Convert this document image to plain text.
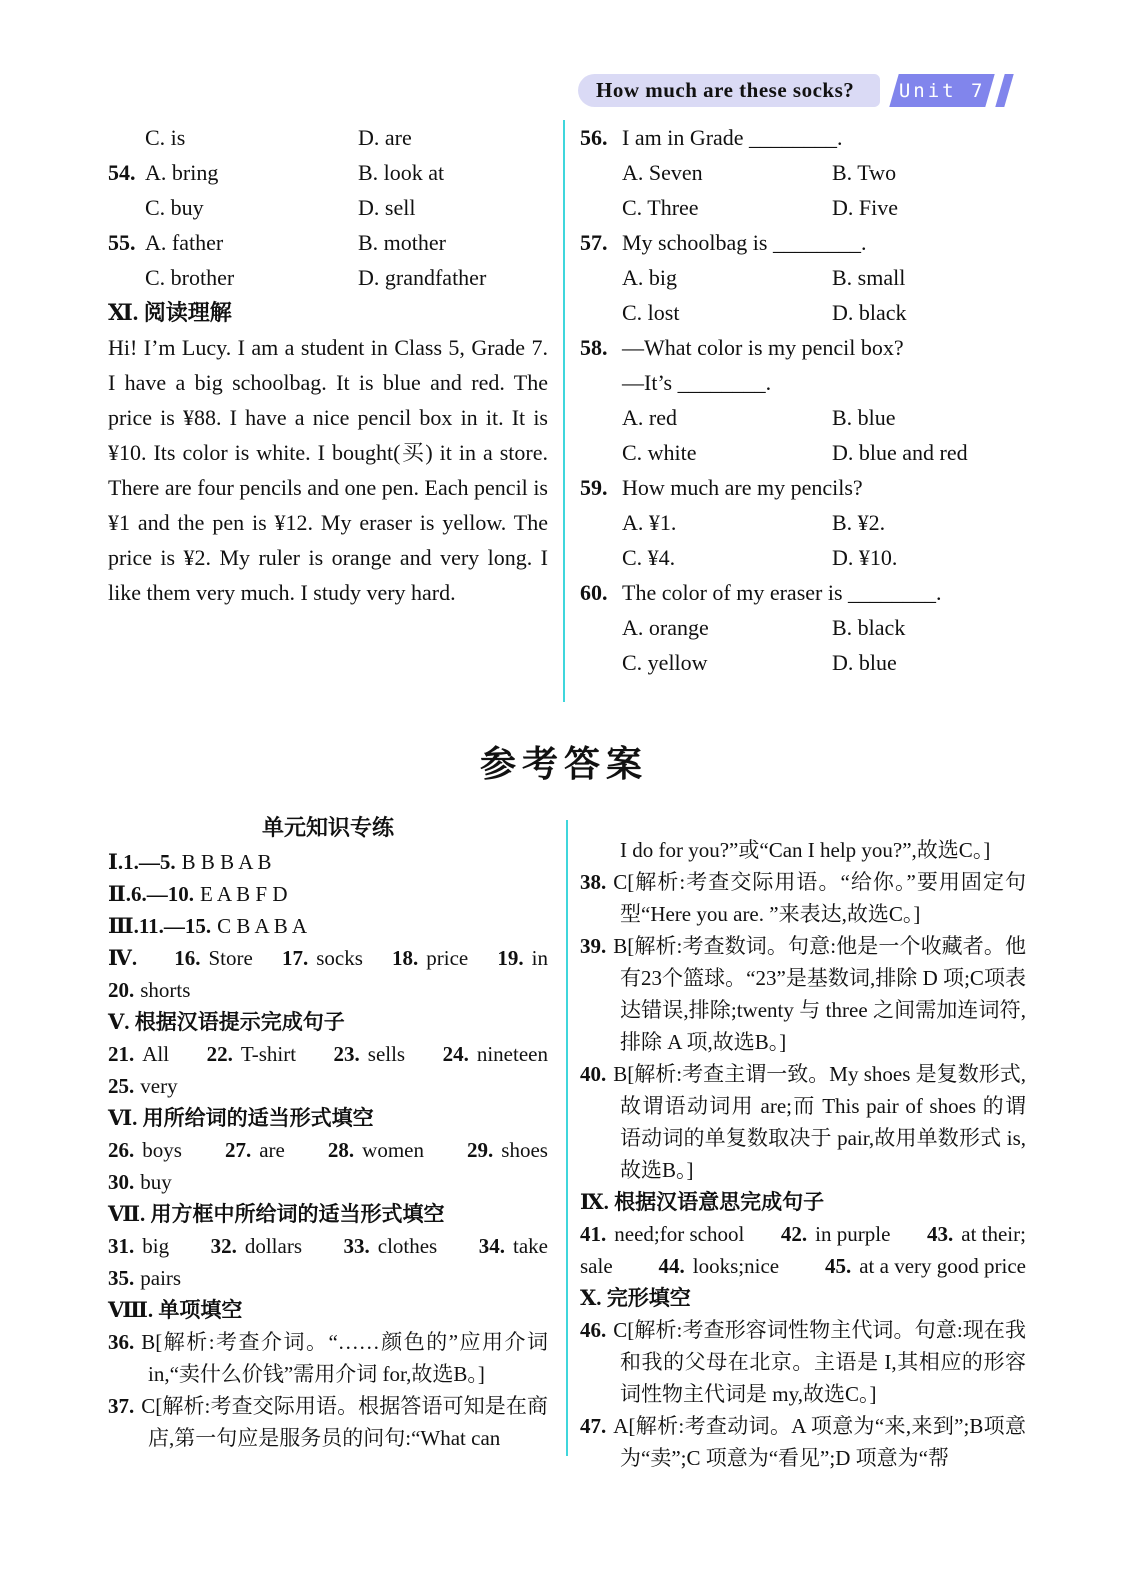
How much are these socks? Unit 7
C. is	D. are
54. A. bring	B. look at
C. buy	D. sell
55. A. father	B. mother
C. brother	D. grandfather
Ⅺ. 阅读理解

Hi! I’m Lucy. I am a student in Class 5, Grade 7. I have a big schoolbag. It is blue and red. The price is ¥88. I have a nice pencil box in it. It is ¥10. Its color is white. I bought(买) it in a store. There are four pencils and one pen. Each pencil is ¥1 and the pen is ¥12. My eraser is yellow. The price is ¥2. My ruler is orange and very long. I like them very much. I study very hard.

56. I am in Grade ________.
A. Seven	B. Two
C. Three	D. Five
57. My schoolbag is ________.
A. big	B. small
C. lost	D. black
58. —What color is my pencil box?
—It’s ________.
A. red	B. blue
C. white	D. blue and red
59. How much are my pencils?
A. ¥1.	B. ¥2.
C. ¥4.	D. ¥10.
60. The color of my eraser is ________.
A. orange	B. black
C. yellow	D. blue
参考答案
单元知识专练
Ⅰ.1.—5. B B B A B
Ⅱ.6.—10. E A B F D
Ⅲ.11.—15. C B A B A
Ⅳ.	16. Store 17. socks 18. price 19. in
20. shorts
Ⅴ. 根据汉语提示完成句子
21. All 22. T-shirt 23. sells 24. nineteen
25. very
Ⅵ. 用所给词的适当形式填空
26. boys 27. are 28. women 29. shoes
30. buy
Ⅶ. 用方框中所给词的适当形式填空
31. big 32. dollars 33. clothes 34. take
35. pairs
Ⅷ. 单项填空

36. B[解析:考查介词。“……颜色的”应用介词in,“卖什么价钱”需用介词 for,故选B。]

37. C[解析:考查交际用语。根据答语可知是在商店,第一句应是服务员的问句:“What can

I do for you?”或“Can I help you?”,故选C。]

38. C[解析:考查交际用语。“给你。”要用固定句型“Here you are. ”来表达,故选C。]

39. B[解析:考查数词。句意:他是一个收藏者。他有23个篮球。“23”是基数词,排除 D 项;C项表达错误,排除;twenty 与 three 之间需加连词符,排除 A 项,故选B。]

40. B[解析:考查主谓一致。My shoes 是复数形式,故谓语动词用 are;而 This pair of shoes 的谓语动词的单复数取决于 pair,故用单数形式 is,故选B。]

Ⅸ. 根据汉语意思完成句子
41. need;for school 42. in purple 43. at their;
sale 44. looks;nice 45. at a very good price
Ⅹ. 完形填空

46. C[解析:考查形容词性物主代词。句意:现在我和我的父母在北京。主语是 I,其相应的形容词性物主代词是 my,故选C。]

47. A[解析:考查动词。A 项意为“来,来到”;B项意为“卖”;C 项意为“看见”;D 项意为“帮
